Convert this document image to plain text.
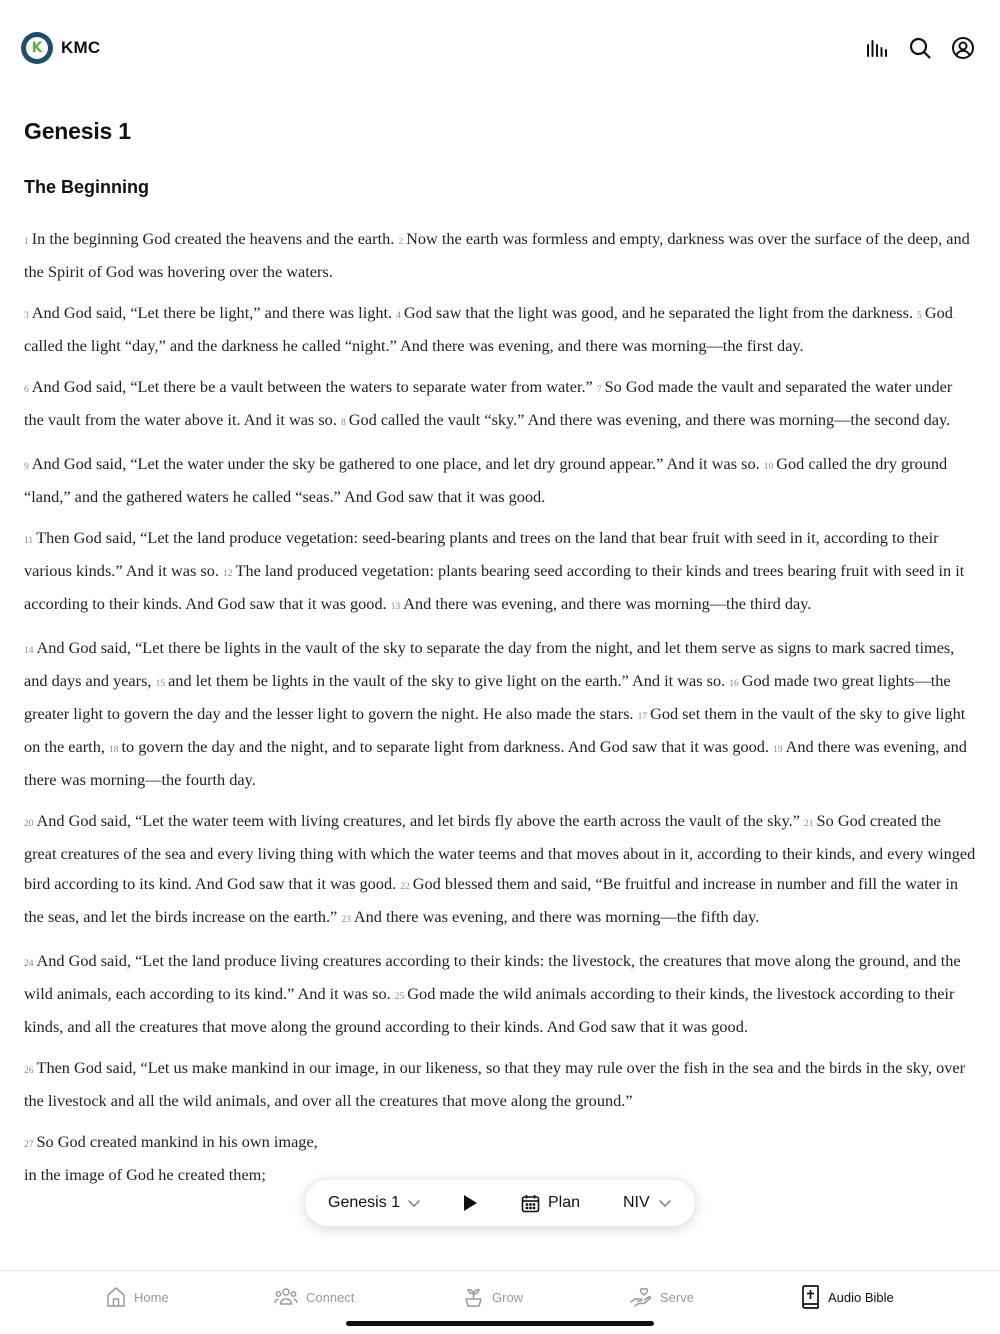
K KMC
Genesis 1
The Beginning

1 In the beginning God created the heavens and the earth. 2 Now the earth was formless and empty, darkness was over the surface of the deep, and the Spirit of God was hovering over the waters.

3 And God said, “Let there be light,” and there was light. 4 God saw that the light was good, and he separated the light from the darkness. 5 God called the light “day,” and the darkness he called “night.” And there was evening, and there was morning—the first day.

6 And God said, “Let there be a vault between the waters to separate water from water.” 7 So God made the vault and separated the water under the vault from the water above it. And it was so. 8 God called the vault “sky.” And there was evening, and there was morning—the second day.

9 And God said, “Let the water under the sky be gathered to one place, and let dry ground appear.” And it was so. 10 God called the dry ground “land,” and the gathered waters he called “seas.” And God saw that it was good.

11 Then God said, “Let the land produce vegetation: seed-bearing plants and trees on the land that bear fruit with seed in it, according to their various kinds.” And it was so. 12 The land produced vegetation: plants bearing seed according to their kinds and trees bearing fruit with seed in it according to their kinds. And God saw that it was good. 13 And there was evening, and there was morning—the third day.

14 And God said, “Let there be lights in the vault of the sky to separate the day from the night, and let them serve as signs to mark sacred times, and days and years, 15 and let them be lights in the vault of the sky to give light on the earth.” And it was so. 16 God made two great lights—the greater light to govern the day and the lesser light to govern the night. He also made the stars. 17 God set them in the vault of the sky to give light on the earth, 18 to govern the day and the night, and to separate light from darkness. And God saw that it was good. 19 And there was evening, and there was morning—the fourth day.

20 And God said, “Let the water teem with living creatures, and let birds fly above the earth across the vault of the sky.” 21 So God created the great creatures of the sea and every living thing with which the water teems and that moves about in it, according to their kinds, and every winged bird according to its kind. And God saw that it was good. 22 God blessed them and said, “Be fruitful and increase in number and fill the water in the seas, and let the birds increase on the earth.” 23 And there was evening, and there was morning—the fifth day.

24 And God said, “Let the land produce living creatures according to their kinds: the livestock, the creatures that move along the ground, and the wild animals, each according to its kind.” And it was so. 25 God made the wild animals according to their kinds, the livestock according to their kinds, and all the creatures that move along the ground according to their kinds. And God saw that it was good.

26 Then God said, “Let us make mankind in our image, in our likeness, so that they may rule over the fish in the sea and the birds in the sky, over the livestock and all the wild animals, and over all the creatures that move along the ground.”

27 So God created mankind in his own image,
in the image of God he created them;
Genesis 1	Plan	NIV
Home	Connect	Grow	Serve	Audio Bible
